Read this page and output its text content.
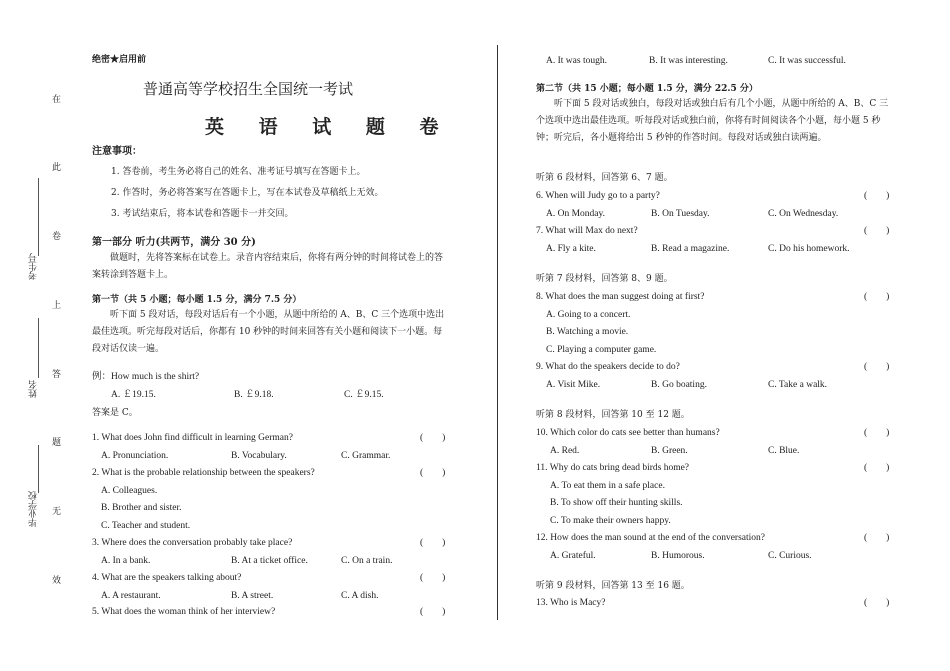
在
此
卷
上
答
题
无
效
考生号
姓名
毕业学校
绝密★启用前
普通高等学校招生全国统一考试
英 语 试 题 卷
注意事项：
1. 答卷前，考生务必将自己的姓名、准考证号填写在答题卡上。
2. 作答时，务必将答案写在答题卡上，写在本试卷及草稿纸上无效。
3. 考试结束后，将本试卷和答题卡一并交回。
第一部分 听力(共两节，满分 30 分)
做题时，先将答案标在试卷上。录音内容结束后，你将有两分钟的时间将试卷上的答案转涂到答题卡上。
第一节（共 5 小题；每小题 1.5 分，满分 7.5 分）
听下面 5 段对话，每段对话后有一个小题，从题中所给的 A、B、C 三个选项中选出最佳选项。听完每段对话后，你都有 10 秒钟的时间来回答有关小题和阅读下一小题。每段对话仅读一遍。
例：How much is the shirt?
A. ￡19.15.	B. ￡9.18.	C. ￡9.15.
答案是 C。
1. What does John find difficult in learning German?	(        )
A. Pronunciation.	B. Vocabulary.	C. Grammar.
2. What is the probable relationship between the speakers?	(        )
A. Colleagues.
B. Brother and sister.
C. Teacher and student.
3. Where does the conversation probably take place?	(        )
A. In a bank.	B. At a ticket office.	C. On a train.
4. What are the speakers talking about?	(        )
A. A restaurant.	B. A street.	C. A dish.
5. What does the woman think of her interview?	(        )
A. It was tough.	B. It was interesting.	C. It was successful.
第二节（共 15 小题；每小题 1.5 分，满分 22.5 分）
听下面 5 段对话或独白，每段对话或独白后有几个小题，从题中所给的 A、B、C 三个选项中选出最佳选项。听每段对话或独白前，你将有时间阅读各个小题，每小题 5 秒钟；听完后，各小题将给出 5 秒钟的作答时间。每段对话或独白读两遍。
听第 6 段材料，回答第 6、7 题。
6. When will Judy go to a party?	(        )
A. On Monday.	B. On Tuesday.	C. On Wednesday.
7. What will Max do next?	(        )
A. Fly a kite.	B. Read a magazine.	C. Do his homework.
听第 7 段材料，回答第 8、9 题。
8. What does the man suggest doing at first?	(        )
A. Going to a concert.
B. Watching a movie.
C. Playing a computer game.
9. What do the speakers decide to do?	(        )
A. Visit Mike.	B. Go boating.	C. Take a walk.
听第 8 段材料，回答第 10 至 12 题。
10. Which color do cats see better than humans?	(        )
A. Red.	B. Green.	C. Blue.
11. Why do cats bring dead birds home?	(        )
A. To eat them in a safe place.
B. To show off their hunting skills.
C. To make their owners happy.
12. How does the man sound at the end of the conversation?	(        )
A. Grateful.	B. Humorous.	C. Curious.
听第 9 段材料，回答第 13 至 16 题。
13. Who is Macy?	(        )
